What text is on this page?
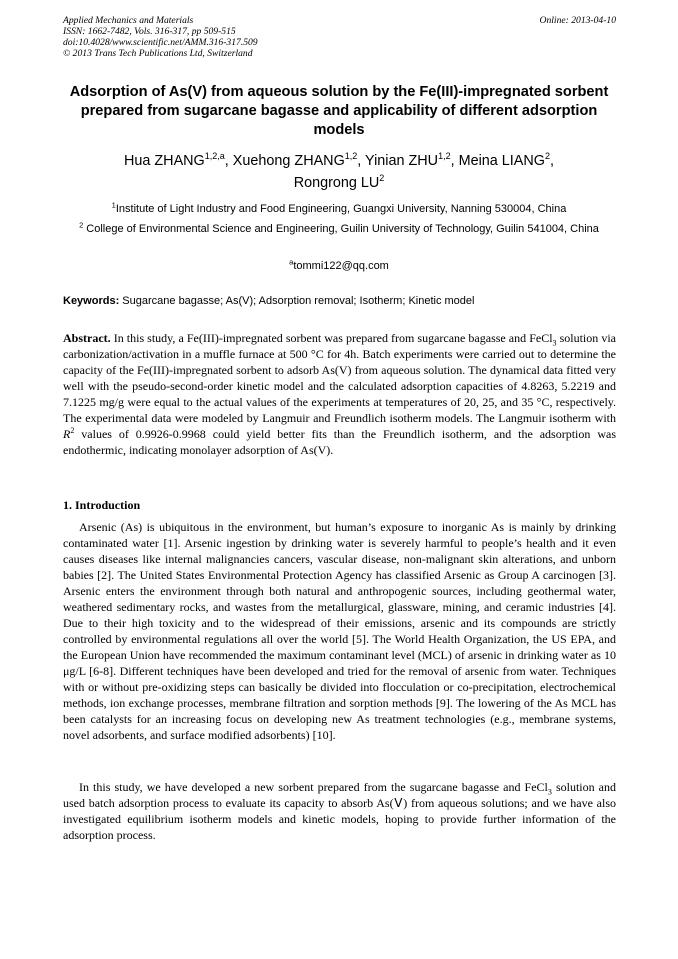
Applied Mechanics and Materials
ISSN: 1662-7482, Vols. 316-317, pp 509-515
doi:10.4028/www.scientific.net/AMM.316-317.509
© 2013 Trans Tech Publications Ltd, Switzerland
Online: 2013-04-10
Adsorption of As(V) from aqueous solution by the Fe(III)-impregnated sorbent prepared from sugarcane bagasse and applicability of different adsorption models
Hua ZHANG$^{1,2,a}$, Xuehong ZHANG$^{1,2}$, Yinian ZHU$^{1,2}$, Meina LIANG$^2$,
Rongrong $LU^2$
$^1$Institute of Light Industry and Food Engineering, Guangxi University, Nanning 530004, China
$^2$ College of Environmental Science and Engineering, Guilin University of Technology, Guilin 541004, China
$^a$tommi122@qq.com
Keywords: Sugarcane bagasse; As(V); Adsorption removal; Isotherm; Kinetic model
Abstract. In this study, a Fe(III)-impregnated sorbent was prepared from sugarcane bagasse and FeCl$_3$ solution via carbonization/activation in a muffle furnace at 500 °C for 4h. Batch experiments were carried out to determine the capacity of the Fe(III)-impregnated sorbent to adsorb As(V) from aqueous solution. The dynamical data fitted very well with the pseudo-second-order kinetic model and the calculated adsorption capacities of 4.8263, 5.2219 and 7.1225 mg/g were equal to the actual values of the experiments at temperatures of 20, 25, and 35 °C, respectively. The experimental data were modeled by Langmuir and Freundlich isotherm models. The Langmuir isotherm with $R^2$ values of 0.9926-0.9968 could yield better fits than the Freundlich isotherm, and the adsorption was endothermic, indicating monolayer adsorption of As(V).
1. Introduction
Arsenic (As) is ubiquitous in the environment, but human’s exposure to inorganic As is mainly by drinking contaminated water [1]. Arsenic ingestion by drinking water is severely harmful to people’s health and it even causes diseases like internal malignancies cancers, vascular disease, non-malignant skin alterations, and unborn babies [2]. The United States Environmental Protection Agency has classified Arsenic as Group A carcinogen [3]. Arsenic enters the environment through both natural and anthropogenic sources, including geothermal water, weathered sedimentary rocks, and wastes from the metallurgical, glassware, mining, and ceramic industries [4]. Due to their high toxicity and to the widespread of their emissions, arsenic and its compounds are strictly controlled by environmental regulations all over the world [5]. The World Health Organization, the US EPA, and the European Union have recommended the maximum contaminant level (MCL) of arsenic in drinking water as 10 μg/L [6-8]. Different techniques have been developed and tried for the removal of arsenic from water. Techniques with or without pre-oxidizing steps can basically be divided into flocculation or co-precipitation, electrochemical methods, ion exchange processes, membrane filtration and sorption methods [9]. The lowering of the As MCL has been catalysts for an increasing focus on developing new As treatment technologies (e.g., membrane systems, novel adsorbents, and surface modified adsorbents) [10].
In this study, we have developed a new sorbent prepared from the sugarcane bagasse and FeCl$_3$ solution and used batch adsorption process to evaluate its capacity to absorb As(Ⅴ) from aqueous solutions; and we have also investigated equilibrium isotherm models and kinetic models, hoping to provide further information of the adsorption process.
